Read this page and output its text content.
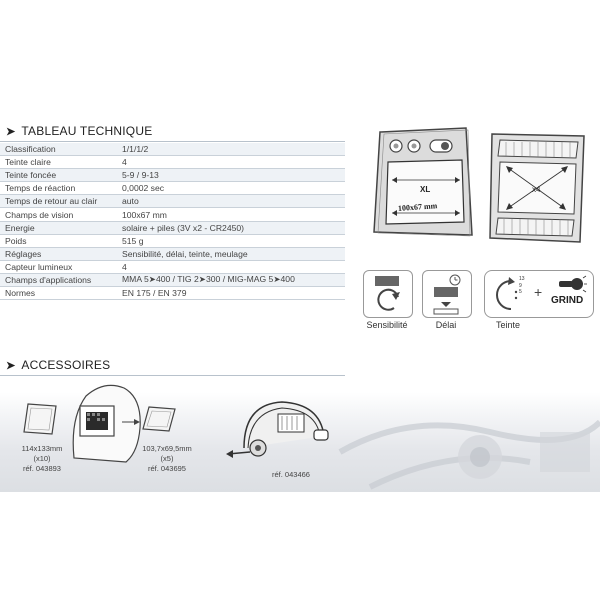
➤ TABLEAU TECHNIQUE
Classification	1/1/1/2
Teinte claire	4
Teinte foncée	5-9 / 9-13
Temps de réaction	0,0002 sec
Temps de retour au clair	auto
Champs de vision	100x67 mm
Energie	solaire + piles (3V x2 - CR2450)
Poids	515 g
Réglages	Sensibilité, délai, teinte, meulage
Capteur lumineux	4
Champs d'applications	MMA 5➤400 / TIG 2➤300 / MIG-MAG 5➤400
Normes	EN 175 / EN 379
XL
100x67 mm
x4
Sensibilité	Délai
13
9
5 +
GRIND
Teinte
➤ ACCESSOIRES
114x133mm
(x10)
réf. 043893
103,7x69,5mm
(x5)
réf. 043695
réf. 043466
